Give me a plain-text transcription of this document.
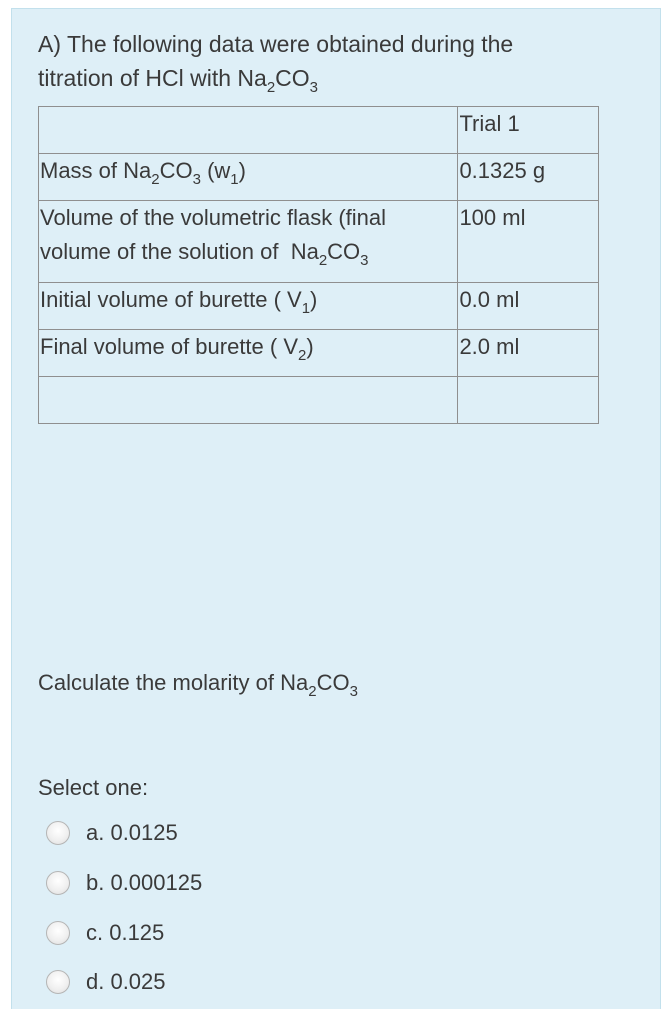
A) The following data were obtained during the
titration of HCl with $Na_2CO_3$
	Trial 1
Mass of $Na_2CO_3$ $(w_1)$	0.1325 g

Volume of the volumetric flask (final
volume of the solution of  $Na_2CO_3$	100 ml
Initial volume of burette ( $V_1$)	0.0 ml
Final volume of burette ( $V_2$)	2.0 ml

Calculate the molarity of $Na_2CO_3$
Select one:
a. 0.0125
b. 0.000125
c. 0.125
d. 0.025
